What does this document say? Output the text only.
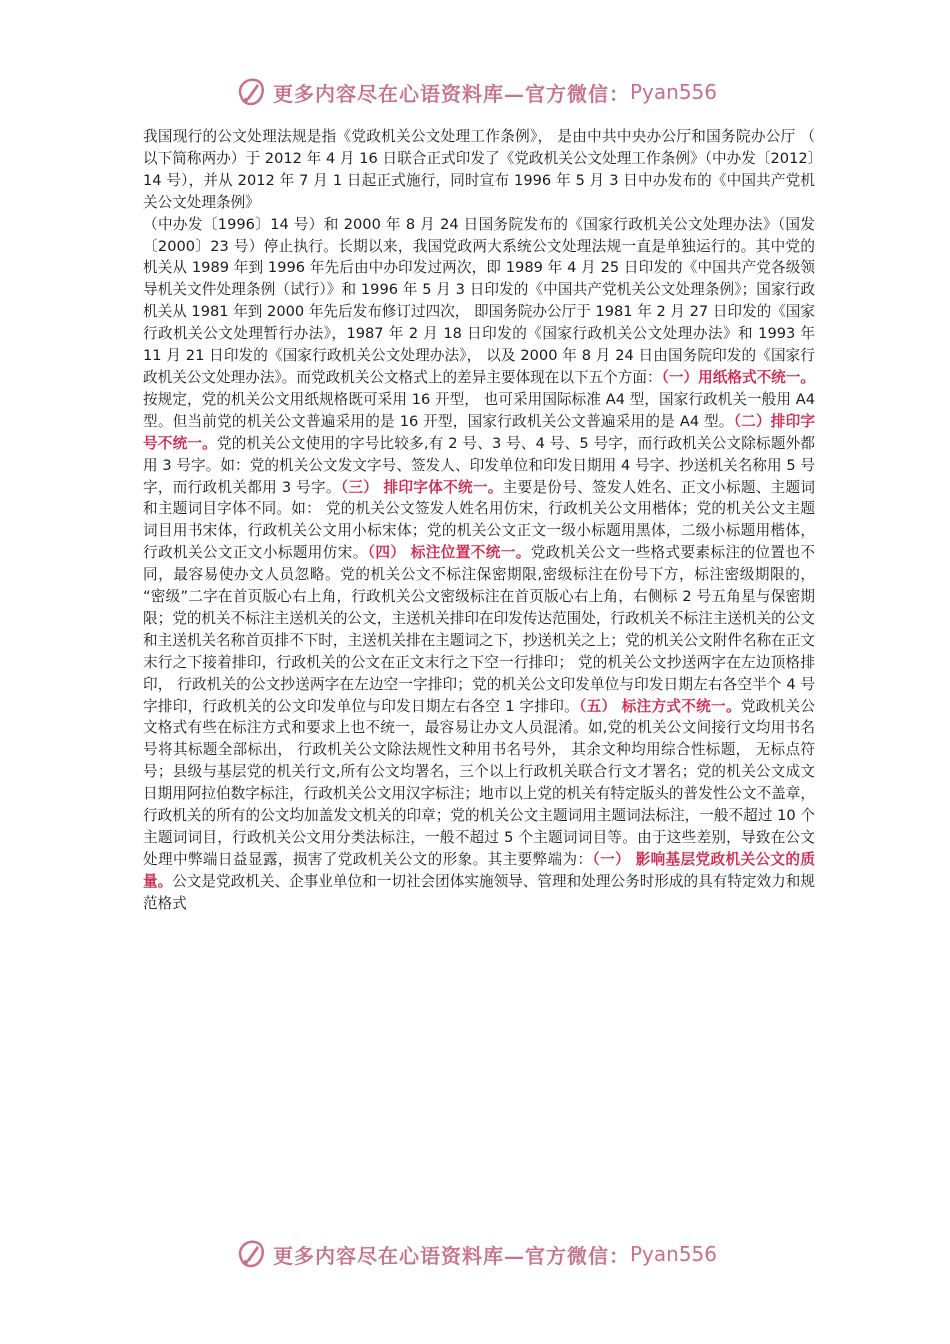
更多内容尽在心语资料库—官方微信： Pyan556

我国现行的公文处理法规是指《党政机关公文处理工作条例》， 是由中共中央办公厅和国务院办公厅 （ 以下简称两办）于 2012 年 4 月 16 日联合正式印发了《党政机关公文处理工作条例》（中办发〔2012〕14 号），并从 2012 年 7 月 1 日起正式施行，同时宣布 1996 年 5 月 3 日中办发布的《中国共产党机关公文处理条例》

（中办发〔1996〕14 号）和 2000 年 8 月 24 日国务院发布的《国家行政机关公文处理办法》（国发〔2000〕23 号）停止执行。长期以来，我国党政两大系统公文处理法规一直是单独运行的。其中党的机关从 1989 年到 1996 年先后由中办印发过两次，即 1989 年 4 月 25 日印发的《中国共产党各级领导机关文件处理条例（试行）》和 1996 年 5 月 3 日印发的《中国共产党机关公文处理条例》；国家行政机关从 1981 年到 2000 年先后发布修订过四次， 即国务院办公厅于 1981 年 2 月 27 日印发的《国家行政机关公文处理暂行办法》，1987 年 2 月 18 日印发的《国家行政机关公文处理办法》和 1993 年 11 月 21 日印发的《国家行政机关公文处理办法》， 以及 2000 年 8 月 24 日由国务院印发的《国家行政机关公文处理办法》。而党政机关公文格式上的差异主要体现在以下五个方面：（一）用纸格式不统一。按规定，党的机关公文用纸规格既可采用 16 开型， 也可采用国际标准 A4 型，国家行政机关一般用 A4 型。但当前党的机关公文普遍采用的是 16 开型，国家行政机关公文普遍采用的是 A4 型。（二）排印字号不统一。党的机关公文使用的字号比较多,有 2 号、3 号、4 号、5 号字，而行政机关公文除标题外都用 3 号字。如：党的机关公文发文字号、签发人、印发单位和印发日期用 4 号字、抄送机关名称用 5 号字，而行政机关都用 3 号字。（三） 排印字体不统一。主要是份号、签发人姓名、正文小标题、主题词和主题词目字体不同。如： 党的机关公文签发人姓名用仿宋，行政机关公文用楷体；党的机关公文主题词目用书宋体，行政机关公文用小标宋体；党的机关公文正文一级小标题用黑体，二级小标题用楷体， 行政机关公文正文小标题用仿宋。（四） 标注位置不统一。党政机关公文一些格式要素标注的位置也不同，最容易使办文人员忽略。党的机关公文不标注保密期限,密级标注在份号下方，标注密级期限的， “密级”二字在首页版心右上角，行政机关公文密级标注在首页版心右上角，右侧标 2 号五角星与保密期限；党的机关不标注主送机关的公文，主送机关排印在印发传达范围处，行政机关不标注主送机关的公文和主送机关名称首页排不下时，主送机关排在主题词之下，抄送机关之上；党的机关公文附件名称在正文末行之下接着排印，行政机关的公文在正文末行之下空一行排印； 党的机关公文抄送两字在左边顶格排印， 行政机关的公文抄送两字在左边空一字排印；党的机关公文印发单位与印发日期左右各空半个 4 号字排印，行政机关的公文印发单位与印发日期左右各空 1 字排印。（五） 标注方式不统一。党政机关公文格式有些在标注方式和要求上也不统一，最容易让办文人员混淆。如,党的机关公文间接行文均用书名号将其标题全部标出， 行政机关公文除法规性文种用书名号外， 其余文种均用综合性标题， 无标点符号；县级与基层党的机关行文,所有公文均署名，三个以上行政机关联合行文才署名；党的机关公文成文日期用阿拉伯数字标注，行政机关公文用汉字标注；地市以上党的机关有特定版头的普发性公文不盖章，行政机关的所有的公文均加盖发文机关的印章；党的机关公文主题词用主题词法标注，一般不超过 10 个主题词词目，行政机关公文用分类法标注，一般不超过 5 个主题词词目等。由于这些差别，导致在公文处理中弊端日益显露，损害了党政机关公文的形象。其主要弊端为：（一） 影响基层党政机关公文的质量。公文是党政机关、企事业单位和一切社会团体实施领导、管理和处理公务时形成的具有特定效力和规范格式

更多内容尽在心语资料库—官方微信： Pyan556
